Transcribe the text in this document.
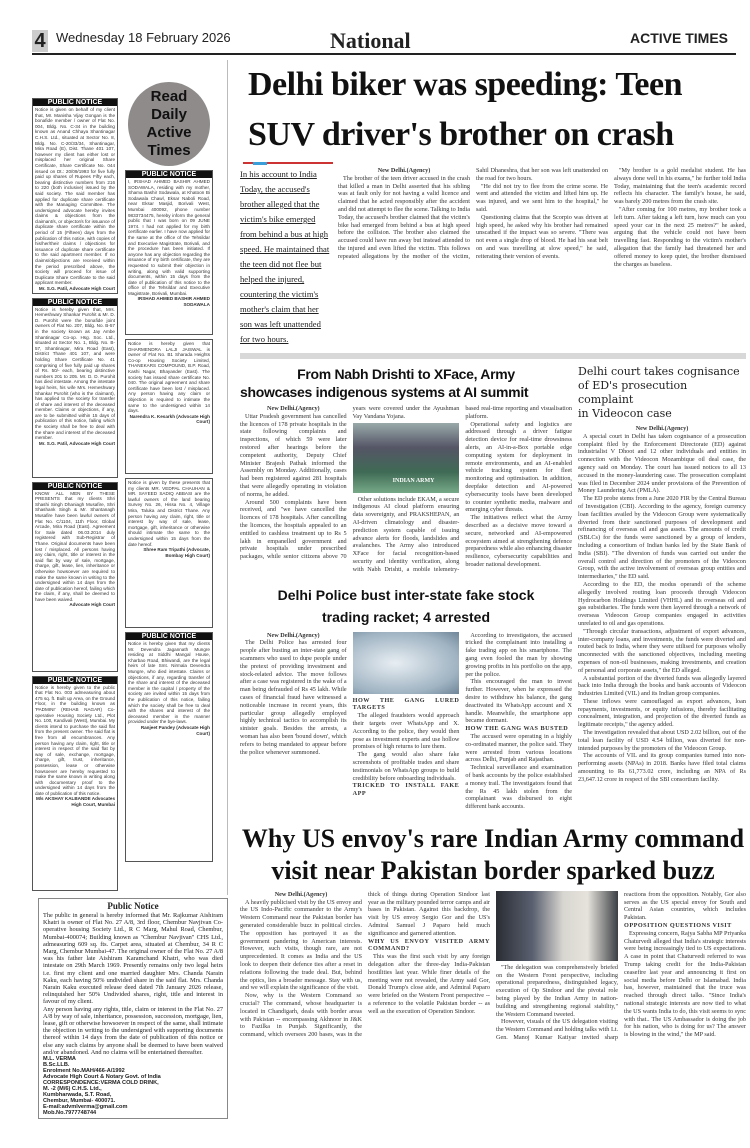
4 Wednesday 18 February 2026	National	ACTIVE TIMES
PUBLIC NOTICE
Notice is given on behalf of my client that, Mr. Manisha Vijay Gongan is the bonafide member / owner of Flat No. 004, Bldg. No. C-34 in the building known as Anand Chhaya Shantinagar C.H.S. Ltd., situated at Sector No. 8, Bldg. No. C-20/33/34, Shantinagar, Mira Road (E), Dist. Thane 401 107, however my client has either lost or misplaced her original Share Certificate, Share Certificate No. 044 issued on Dt.: 20/09/1993 for five fully paid up shares of Rupees Fifty each, bearing distinctive numbers from 216 to 220 (both inclusive) issued by the said society. The said member has applied for duplicate share certificate with the Managing Committee. The undersigned advocate hereby invites claims & objections from the claimant/s, or objector/s for issuance of duplicate share certificate within the period of 15 (Fifteen) days from the publication of this notice, with copies of his/her/their claims / objections for issuance of duplicate share certificate to the said apartment member. If no claims/objections are received within the period prescribed above, the society will proceed for issue of Duplicate Share Certificate to the said applicant member.
Mr. S.G. Patil, Advocate High Court
PUBLIC NOTICE
Notice is hereby given that, Mrs. Hemeshwary Shankar Purohit & Mr. D. D. Purohit were the bonafide joint owners of Flat No. 207, Bldg. No. B-57 in the society known as Jay Ambe Shantinagar Co-op. Hsg. Soc. Ltd., situated at Sector No. 1, Bldg. No. B-57, Shantinagar, Mira Road (East), District Thane 401 107, and were holding Share Certificate No. 41 comprising of five fully paid up shares of Rs. 50/- each, bearing distinctive numbers 201 to 205. Mr. D. D. Purohit has died intestate. Among the intestate legal heirs, his wife Mrs. Hemeshwary Shankar Purohit (who is the claimant), has applied to the society for transfer of share and interest of the deceased member. Claims or objections, if any, are to be submitted within 15 days of publication of this notice, failing which the society shall be free to deal with the share and interest of the deceased member.
Mr. S.G. Patil, Advocate High Court
PUBLIC NOTICE
KNOW ALL MEN BY THESE PRESENTS that my clients Shri Shashi Singh Dhaniagh Musafire, Shri Shashank Singh & Mr. Shantanagh Musafire have been lawful owners of Flat No. C/1104, 11th Floor, Global Arcade, Mira Road (East). Agreement for Sale dated 06.03.2014 duly registered with Sub-Registrar of Thane. Original documents have been lost / misplaced. All persons having any claim, right, title or interest in the said flat by way of sale, mortgage, charge, gift, lease, lien, inheritance or otherwise howsoever are required to make the same known in writing to the undersigned within 14 days from the date of publication hereof, failing which the claim, if any, shall be deemed to have been waived.
Advocate High Court
PUBLIC NOTICE
Notice is hereby given to the public that Flat No. 003 admeasuring about 475 sq. ft. Built up Area, on the Ground Floor, in the building known as 'PADMINI' (REHAB NAGAR) Co-operative Housing Society Ltd., Plot No. 100, Kandivali (West), Mumbai. My clients intend to purchase the said flat from the present owner. The said flat is free from all encumbrances. Any person having any claim, right, title or interest in respect of the said flat by way of sale, exchange, mortgage, charge, gift, trust, inheritance, possession, lease or otherwise howsoever are hereby requested to make the same known in writing along with documentary proof to the undersigned within 14 days from the date of publication of this notice.
M/s AKSHAY KALBANDE Advocates High Court, Mumbai
Read
Daily
Active
Times
PUBLIC NOTICE
I, IRSHAD AHMED BASHIR AHMED SODAWALA, residing with my mother, Shama Bashir Sodawala, at Khatoon Bi Sodawala Chawl, Eksar Naboli Road, near Eksar Masjid, Borivali West, Mumbai 400092, phone number 9833734475, hereby inform the general public that I was born on 09 JUNE 1974. I had not applied for my birth certificate earlier. I have now applied for the same at the office of the Tehsildar and Executive Magistrate, Borivali, and the procedure has been initiated. If anyone has any objection regarding the issuance of my birth certificate, they are requested to submit their objection in writing, along with valid supporting documents, within 15 days from the date of publication of this notice to the office of the Tehsildar and Executive Magistrate, Borivali, Mumbai.
IRSHAD AHMED BASHIR AHMED SODAWALA
Notice is hereby given that DHARMENDRA LALJI JAISWAL is owner of Flat No. B1 Sharada Heights Co-op Housing Society Limited, THANEKARS COMPOUND, B.P. Road, Kashi Nagar, Bhayander (East). The society has issued share certificate No. 040. The original agreement and share certificate have been lost / misplaced. Any person having any claim or objection is required to intimate the same to the undersigned within 14 days.
Narendra K. Kesarkh (Advocate High Court)
Notice is given by these presents that my clients MR. VEDPAL CHAUHAN & MR. SAYEED SADIQ ABBASI are the lawful owners of the land bearing Survey No. 26, Hissa No. 4, Village Mira, Taluka and District Thane. Any person having any claim, right, title or interest by way of sale, lease, mortgage, gift, inheritance or otherwise should intimate the same to the undersigned within 15 days from the date hereof.
Shree Ram Tripathi (Advocate, Bombay High Court)
PUBLIC NOTICE
Notice is hereby given that my clients Mr. Devendra Jagannath Mungre residing at Siddhi Mangal House, Kharbao Road, Bhiwandi, are the legal heirs of late Smt. Nirmala Devendra Mungre, who died intestate. Claims or objections, if any, regarding transfer of the share and interest of the deceased member in the capital / property of the society are invited within 15 days from the publication of this notice, failing which the society shall be free to deal with the shares and interest of the deceased member in the manner provided under the bye-laws.
Ranjeet Pandey (Advocate High Court)
Public Notice

The public in general is hereby informed that Mr. Rajkumar Aishiram Khatri is owner of Flat No. 27 A/8, 3rd floor, Chembur Navjivan Co-operative housing Society Ltd., R C Marg, Mahul Road, Chembur, Mumbai-400074; Building known as "Chembur Navjivan" CHS Ltd., admeasuring 609 sq. fts. Carpet area, situated at Chembur, 34 R C Marg, Chembur Mumbai-47. The original owner of the Flat No. 27 A/8 was his father late Aishiram Karamchand Khatri, who was died intestate on 29th March 1969. Presently remains only two legal heirs i.e. first my client and one married daughter Mrs. Chanda Narain Kaku, each having 50% undivided share in the said flat. Mrs. Chanda Narain Kaku executed release deed dated 7th January 2026 release, relinquished her 50% Undivided shares, right, title and interest in favour of my client.

Any person having any rights, title, claim or interest in the Flat No. 27 A/8 by way of sale, inheritance, possession, succession, mortgage, lien, lease, gift or otherwise howsoever in respect of the same, shall intimate the objection in writing to the undersigned with supporting documents thereof within 14 days from the date of publication of this notice or else any such claims by anyone shall be deemed to have been waived and/or abandoned. And no claims will be entertained thereafter.

M.L. VERMA
B.Sc.LLB.
Enrolment No.MAH/466-A/1992
Advocate High Court & Notary Govt. of India
CORRESPONDENCE:VERMA COLD DRINK,
M. -2 (M/6) C.H.S. Ltd.,
Kumbharwada, S.T. Road,
Chembur, Mumbai- 400071.
E-mail:advmlverma@gmail.com
Mob.No.7977748744
Delhi biker was speeding: Teen
SUV driver's brother on crash
In his account to India Today, the accused's brother alleged that the victim's bike emerged from behind a bus at high speed. He maintained that the teen did not flee but helped the injured, countering the victim's mother's claim that her son was left unattended for two hours.

New Delhi.(Agency)

The brother of the teen driver accused in the crash that killed a man in Delhi asserted that his sibling was at fault only for not having a valid licence and claimed that he acted responsibly after the accident and did not attempt to flee the scene. Talking to India Today, the accused's brother claimed that the victim's bike had emerged from behind a bus at high speed before the collision. The brother also claimed the accused could have run away but instead attended to the injured and even lifted the victim. This follows repeated allegations by the mother of the victim, Sahil Dhaneshra, that her son was left unattended on the road for two hours.

"He did not try to flee from the crime scene. He went and attended the victim and lifted him up. He was injured, and we sent him to the hospital," he said.

Questioning claims that the Scorpio was driven at high speed, he asked why his brother had remained unscathed if the impact was so severe. "There was not even a single drop of blood. He had his seat belt on and was travelling at slow speed," he said, reiterating their version of events.

"My brother is a gold medalist student. He has always done well in his exams," he further told India Today, maintaining that the teen's academic record reflects his character. The family's house, he said, was barely 200 metres from the crash site.

"After coming for 100 metres, my brother took a left turn. After taking a left turn, how much can you speed your car in the next 25 metres?" he asked, arguing that the vehicle could not have been travelling fast. Responding to the victim's mother's allegation that the family had threatened her and offered money to keep quiet, the brother dismissed the charges as baseless.

From Nabh Drishti to XFace, Army
showcases indigenous systems at AI summit

New Delhi.(Agency)

Uttar Pradesh government has cancelled the licences of 178 private hospitals in the state following complaints and inspections, of which 59 were later restored after hearings before the competent authority, Deputy Chief Minister Brajesh Pathak informed the Assembly on Monday. Additionally, cases had been registered against 281 hospitals that were allegedly operating in violation of norms, he added.

Around 500 complaints have been received, and "we have cancelled the licences of 178 hospitals. After cancelling the licences, the hospitals appealed to an entitled to cashless treatment up to Rs 5 lakh in empanelled government and private hospitals under prescribed packages, while senior citizens above 70 years were covered under the Ayushman Vay Vandana Yojana.

INDIAN ARMY

Other solutions include EKAM, a secure indigenous AI cloud platform ensuring data sovereignty, and PRAKSHEPAN, an AI-driven climatology and disaster-prediction system capable of issuing advance alerts for floods, landslides and avalanches. The Army also introduced XFace for facial recognition-based security and identity verification, along with Nabh Drishti, a mobile telemetry-based real-time reporting and visualisation platform.

Operational safety and logistics are addressed through a driver fatigue detection device for real-time drowsiness alerts, an AI-in-a-Box portable edge computing system for deployment in remote environments, and an AI-enabled vehicle tracking system for fleet monitoring and optimisation. In addition, deepfake detection and AI-powered cybersecurity tools have been developed to counter synthetic media, malware and emerging cyber threats.

The initiatives reflect what the Army described as a decisive move toward a secure, networked and AI-empowered ecosystem aimed at strengthening defence preparedness while also enhancing disaster resilience, cybersecurity capabilities and broader national development.

Delhi Police bust inter-state fake stock
trading racket; 4 arrested

New Delhi.(Agency)

The Delhi Police has arrested four people after busting an inter-state gang of scammers who used to dupe people under the pretext of providing investment and stock-related advice. The move follows after a case was registered in the wake of a man being defrauded of Rs 45 lakh. While cases of financial fraud have witnessed a noticeable increase in recent years, this particular group allegedly employed highly technical tactics to accomplish its sinister goals. Besides the arrests, a woman has also been 'bound down', which refers to being mandated to appear before the police whenever summoned.

HOW THE GANG LURED TARGETS

The alleged fraudsters would approach their targets over WhatsApp and X. According to the police, they would then pose as investment experts and use hollow promises of high returns to lure them.

The gang would also share fake screenshots of profitable trades and share testimonials on WhatsApp groups to build credibility before onboarding individuals.

TRICKED TO INSTALL FAKE APP

According to investigators, the accused tricked the complainant into installing a fake trading app on his smartphone. The gang even fooled the man by showing growing profits in his portfolio on the app, per the police.

This encouraged the man to invest further. However, when he expressed the desire to withdraw his balance, the gang deactivated its WhatsApp account and X handle. Meanwhile, the smartphone app became dormant.

HOW THE GANG WAS BUSTED

The accused were operating in a highly co-ordinated manner, the police said. They were arrested from various locations across Delhi, Punjab and Rajasthan.

Technical surveillance and examination of bank accounts by the police established a money trail. The investigators found that the Rs 45 lakh stolen from the complainant was disbursed to eight different bank accounts.

Delhi court takes cognisance
of ED's prosecution complaint
in Videocon case

New Delhi.(Agency)

A special court in Delhi has taken cognisance of a prosecution complaint filed by the Enforcement Directorate (ED) against industrialist V Dhoot and 12 other individuals and entities in connection with the Videocon Mozambique oil deal case, the agency said on Monday. The court has issued notices to all 13 accused in the money-laundering case. The prosecution complaint was filed in December 2024 under provisions of the Prevention of Money Laundering Act (PMLA).

The ED probe stems from a June 2020 FIR by the Central Bureau of Investigation (CBI). According to the agency, foreign currency loan facilities availed by the Videocon Group were systematically diverted from their sanctioned purposes of development and refinancing of overseas oil and gas assets. The amounts of credit (SBLCs) for the funds were sanctioned by a group of lenders, including a consortium of Indian banks led by the State Bank of India (SBI). "The diversion of funds was carried out under the overall control and direction of the promoters of the Videocon Group, with the active involvement of overseas group entities and intermediaries," the ED said.

According to the ED, the modus operandi of the scheme allegedly involved routing loan proceeds through Videocon Hydrocarbon Holdings Limited (VHHL) and its overseas oil and gas subsidiaries. The funds were then layered through a network of overseas Videocon Group companies engaged in activities unrelated to oil and gas operations.

"Through circular transactions, adjustment of export advances, inter-company loans, and investments, the funds were diverted and routed back to India, where they were utilised for purposes wholly unconnected with the sanctioned objectives, including meeting expenses of non-oil businesses, making investments, and creation of personal and corporate assets," the ED alleged.

A substantial portion of the diverted funds was allegedly layered back into India through the books and bank accounts of Videocon Industries Limited (VIL) and its Indian group companies.

These inflows were camouflaged as export advances, loan repayments, investments, or equity infusions, thereby facilitating concealment, integration, and projection of the diverted funds as legitimate receipts," the agency added.

The investigation revealed that about USD 2.02 billion, out of the total loan facility of USD 4.54 billion, was diverted for non-intended purposes by the promoters of the Videocon Group.

The accounts of VIL and its group companies turned into non-performing assets (NPAs) in 2018. Banks have filed total claims amounting to Rs 61,773.02 crore, including an NPA of Rs 23,647.12 crore in respect of the SBI consortium facility.

Why US envoy's rare Indian Army command
visit near Pakistan border sparked buzz

New Delhi.(Agency)

A heavily publicised visit by the US envoy and the US Indo-Pacific commander to the Army's Western Command near the Pakistan border has generated considerable buzz in political circles. The opposition has portrayed it as the government pandering to American interests. However, such visits, though rare, are not unprecedented. It comes as India and the US look to deepen their defence ties after a reset in relations following the trade deal. But, behind the optics, lies a broader message. Stay with us, and we will explain the significance of the visit.

Now, why is the Western Command so crucial? The command, whose headquarter is located in Chandigarh, deals with border areas with Pakistan -- encompassing Akhnoor in J&K to Fazilka in Punjab. Significantly, the command, which oversees 200 bases, was in the thick of things during Operation Sindoor last year as the military pounded terror camps and air bases in Pakistan. Against this backdrop, the visit by US envoy Sergio Gor and the US's Admiral Samuel J Paparo held much significance and garnered attention.

WHY US ENVOY VISITED ARMY COMMAND?

This was the first such visit by any foreign delegation after the three-day India-Pakistan hostilities last year. While finer details of the meeting were not revealed, the Army said Gor, Donald Trump's close aide, and Admiral Paparo were briefed on the Western Front perspective -- a reference to the volatile Pakistan border -- as well as the execution of Operation Sindoor.

"The delegation was comprehensively briefed on the Western Front perspective, including operational preparedness, distinguished legacy, execution of Op Sindoor and the pivotal role being played by the Indian Army in nation-building and strengthening regional stability," the Western Command tweeted.

However, visuals of the US delegation visiting the Western Command and holding talks with Lt. Gen. Manoj Kumar Katiyar invited sharp reactions from the opposition. Notably, Gor also serves as the US special envoy for South and Central Asian countries, which includes Pakistan.

OPPOSITION QUESTIONS VISIT

Expressing concern, Rajya Sabha MP Priyanka Chaturvedi alleged that India's strategic interests were being increasingly tied to US expectations. A case in point that Chaturvedi referred to was Trump taking credit for the India-Pakistan ceasefire last year and announcing it first on social media before Delhi or Islamabad. India has, however, maintained that the truce was reached through direct talks. "Since India's national strategic interests are now tied to what the US wants India to do, this visit seems to sync with that.. The US Ambassador is doing the job for his nation, who is doing for us? The answer is blowing in the wind," the MP said.
